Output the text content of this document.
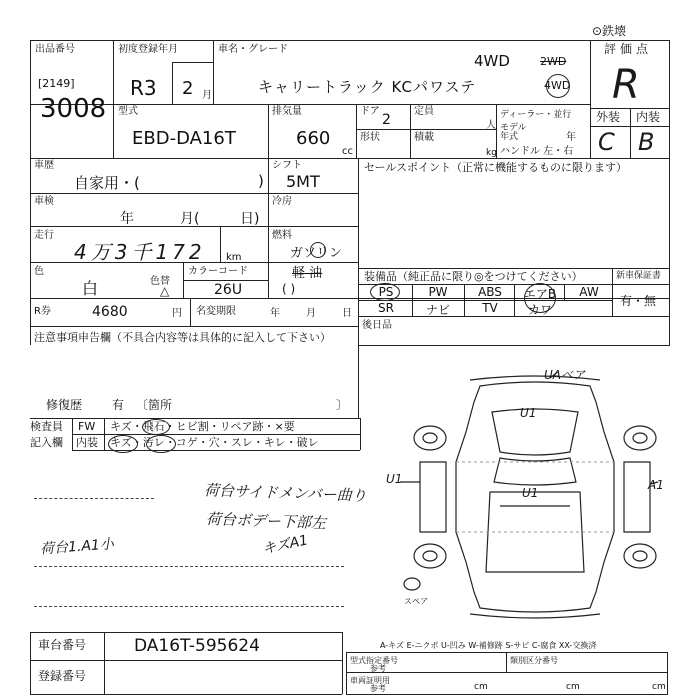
⊙鉄壊
出品番号
[2149]
3008
初度登録年月
R3 2 月
車名・グレード
4WD	2WD
4WD
キャリートラック KCパワステ
評価点
R
外装 内装
C B
型式
EBD-DA16T
排気量
660
cc
ドア
2
定員
人
形状	積載
kg
ディーラー・並行
モデル年式	年
ハンドル 左・右
車歴
自家用・(	)
シフト
5MT
車検
年	月(	日)
冷房
走行
4万3千172 km
燃料
ガソリン
軽 油
( )
色
白	色替
△
カラーコード
26U
R券	4680	円 名変期限	年	月	日
セールスポイント（正常に機能するものに限ります）
装備品（純正品に限り◎をつけてください）	新車保証書
有・無
PS	PW	ABS	エアB	AW
SR	ナビ	TV	カワ
後日品
注意事項申告欄（不具合内容等は具体的に記入して下さい）
修復歴 有 〔箇所	〕
検査員
記入欄
FW キズ・飛石・ヒビ割・リペア跡・×要
内装 キズ・汚レ・コゲ・穴・スレ・キレ・破レ
荷台サイドメンバー曲り
荷台ボデー下部左
キズA1
荷台1.A1小
U1
U1
U1	A1
UAベア
スペア
車台番号	DA16T-595624
登録番号
A-キズ E-ニクボ U-凹み W-補修跡 S-サビ C-腐食 XX-交換済
型式指定番号
参考
類別区分番号
車両証明用
参考	cm	cm	cm
